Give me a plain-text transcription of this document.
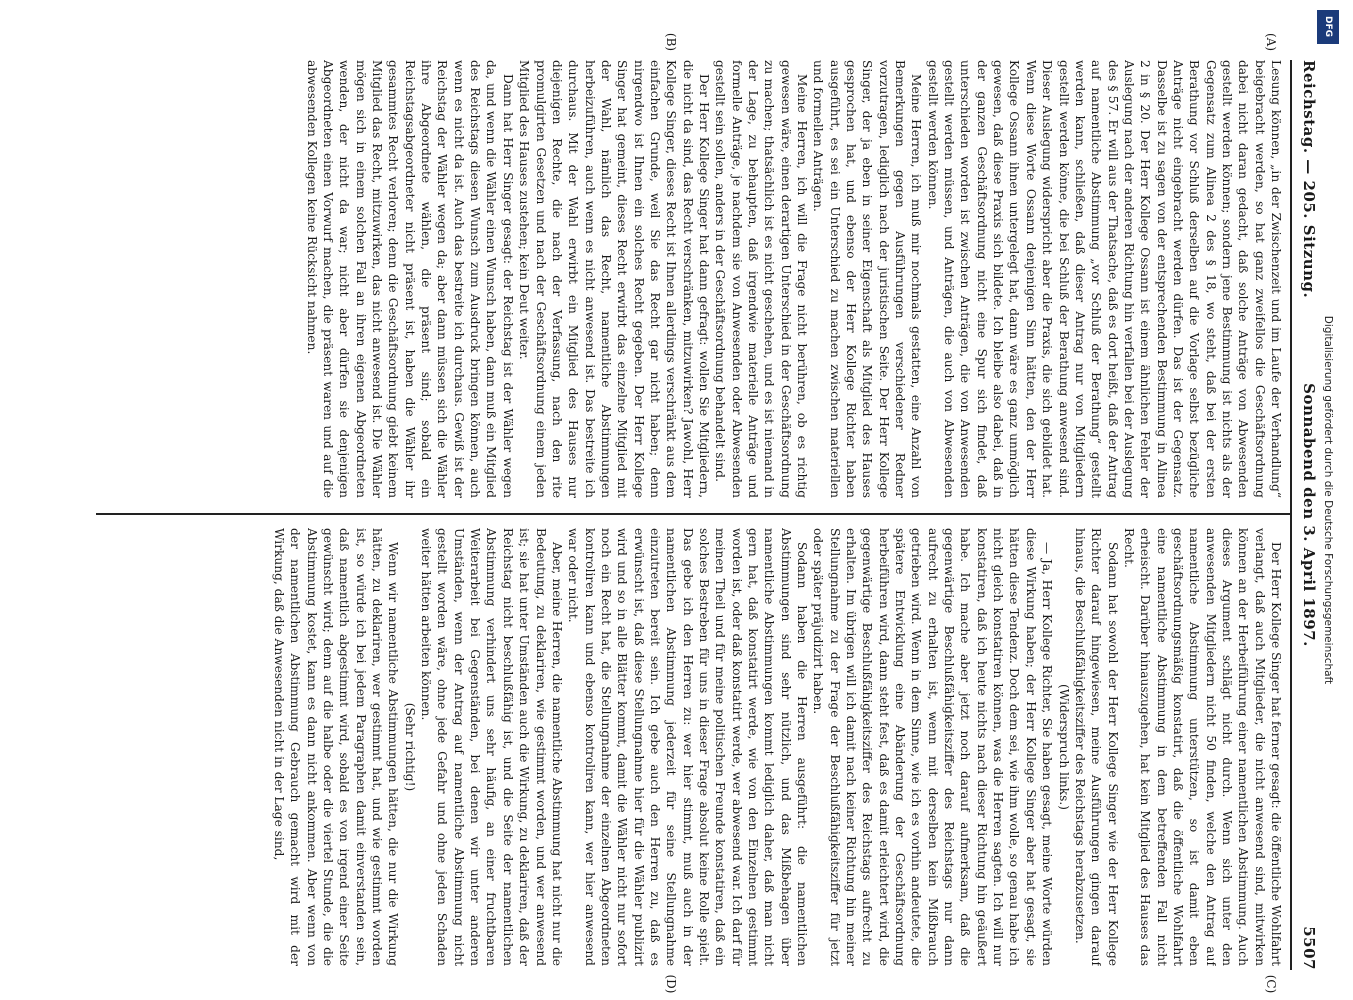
Reichstag. — 205. Sitzung.
Sonnabend den 3. April 1897.
5507
(A)
(B)
(C)
(D)

Lesung können, „in der Zwischenzeit und im Laufe der Verhandlung“ beigebracht werden, so hat ganz zweifellos die Geschäftsordnung dabei nicht daran gedacht, daß solche Anträge von Abwesenden gestellt werden können; sondern jene Bestimmung ist nichts als der Gegensatz zum Alinea 2 des § 18, wo steht, daß bei der ersten Berathung vor Schluß derselben auf die Vorlage selbst bezügliche Anträge nicht eingebracht werden dürfen. Das ist der Gegensatz. Dasselbe ist zu sagen von der entsprechenden Bestimmung in Alinea 2 in § 20. Der Herr Kollege Ossann ist einem ähnlichen Fehler der Auslegung nach der anderen Richtung hin verfallen bei der Auslegung des § 57. Er will aus der Thatsache, daß es dort heißt, daß der Antrag auf namentliche Abstimmung „vor Schluß der Berathung“ gestellt werden kann, schließen, daß dieser Antrag nur von Mitgliedern gestellt werden könne, die bei Schluß der Berathung anwesend sind. Dieser Auslegung widerspricht aber die Praxis, die sich gebildet hat. Wenn diese Worte Ossann denjenigen Sinn hätten, den der Herr Kollege Ossann ihnen untergelegt hat, dann wäre es ganz unmöglich gewesen, daß diese Praxis sich bildete. Ich bleibe also dabei, daß in der ganzen Geschäftsordnung nicht eine Spur sich findet, daß unterschieden worden ist zwischen Anträgen, die von Anwesenden gestellt werden müssen, und Anträgen, die auch von Abwesenden gestellt werden können.

Meine Herren, ich muß mir nochmals gestatten, eine Anzahl von Bemerkungen gegen Ausführungen verschiedener Redner vorzutragen, lediglich nach der juristischen Seite. Der Herr Kollege Singer, der ja eben in seiner Eigenschaft als Mitglied des Hauses gesprochen hat, und ebenso der Herr Kollege Richter haben ausgeführt, es sei ein Unterschied zu machen zwischen materiellen und formellen Anträgen.

Meine Herren, ich will die Frage nicht berühren, ob es richtig gewesen wäre, einen derartigen Unterschied in der Geschäftsordnung zu machen; thatsächlich ist es nicht geschehen, und es ist niemand in der Lage, zu behaupten, daß irgendwie materielle Anträge und formelle Anträge, je nachdem sie von Anwesenden oder Abwesenden gestellt sein sollen, anders in der Geschäftsordnung behandelt sind.

Der Herr Kollege Singer hat dann gefragt: wollen Sie Mitgliedern, die nicht da sind, das Recht verschränken, mitzuwirken? Jawohl, Herr Kollege Singer, dieses Recht ist Ihnen allerdings verschränkt aus dem einfachen Grunde, weil Sie das Recht gar nicht haben; denn nirgendwo ist Ihnen ein solches Recht gegeben. Der Herr Kollege Singer hat gemeint, dieses Recht erwirbt das einzelne Mitglied mit der Wahl, nämlich das Recht, namentliche Abstimmungen herbeizuführen, auch wenn es nicht anwesend ist. Das bestreite ich durchaus. Mit der Wahl erwirbt ein Mitglied des Hauses nur diejenigen Rechte, die nach der Verfassung, nach den rite promulgirten Gesetzen und nach der Geschäftsordnung einem jeden Mitglied des Hauses zustehen; kein Deut weiter.

Dann hat Herr Singer gesagt: der Reichstag ist der Wähler wegen da, und wenn die Wähler einen Wunsch haben, dann muß ein Mitglied des Reichstags diesen Wunsch zum Ausdruck bringen können, auch wenn es nicht da ist. Auch das bestreite ich durchaus. Gewiß ist der Reichstag der Wähler wegen da; aber dann müssen sich die Wähler ihre Abgeordnete wählen, die präsent sind; sobald ein Reichstagsabgeordneter nicht präsent ist, haben die Wähler ihr gesammtes Recht verloren; denn die Geschäftsordnung giebt keinem Mitglied das Recht, mitzuwirken, das nicht anwesend ist. Die Wähler mögen sich in einem solchen Fall an ihren eigenen Abgeordneten wenden, der nicht da war; nicht aber dürfen sie denjenigen Abgeordneten einen Vorwurf machen, die präsent waren und auf die abwesenden Kollegen keine Rücksicht nahmen.

Der Herr Kollege Singer hat ferner gesagt: die öffentliche Wohlfahrt verlangt, daß auch Mitglieder, die nicht anwesend sind, mitwirken können an der Herbeiführung einer namentlichen Abstimmung. Auch dieses Argument schlägt nicht durch. Wenn sich unter den anwesenden Mitgliedern nicht 50 finden, welche den Antrag auf namentliche Abstimmung unterstützen, so ist damit eben geschäftsordnungsmäßig konstatirt, daß die öffentliche Wohlfahrt eine namentliche Abstimmung in dem betreffenden Fall nicht erheischt. Darüber hinauszugehen, hat kein Mitglied des Hauses das Recht.

Sodann hat sowohl der Herr Kollege Singer wie der Herr Kollege Richter darauf hingewiesen, meine Ausführungen gingen darauf hinaus, die Beschlußfähigkeitsziffer des Reichstags herabzusetzen.

(Widerspruch links.)

— Ja, Herr Kollege Richter, Sie haben gesagt, meine Worte würden diese Wirkung haben; der Herr Kollege Singer aber hat gesagt, sie hätten diese Tendenz. Doch dem sei, wie ihm wolle, so genau habe ich nicht gleich konstatiren können, was die Herren sagten. Ich will nur konstatiren, daß ich heute nichts nach dieser Richtung hin geäußert habe. Ich mache aber jetzt noch darauf aufmerksam, daß die gegenwärtige Beschlußfähigkeitsziffer des Reichstags nur dann aufrecht zu erhalten ist, wenn mit derselben kein Mißbrauch getrieben wird. Wenn in dem Sinne, wie ich es vorhin andeutete, die spätere Entwicklung eine Abänderung der Geschäftsordnung herbeiführen wird, dann steht fest, daß es damit erleichtert wird, die gegenwärtige Beschlußfähigkeitsziffer des Reichstags aufrecht zu erhalten. Im übrigen will ich damit nach keiner Richtung hin meiner Stellungnahme zu der Frage der Beschlußfähigkeitsziffer für jetzt oder später präjudizirt haben.

Sodann haben die Herren ausgeführt: die namentlichen Abstimmungen sind sehr nützlich, und das Mißbehagen über namentliche Abstimmungen kommt lediglich daher, daß man nicht gern hat, daß konstatirt werde, wie von den Einzelnen gestimmt worden ist, oder daß konstatirt werde, wer abwesend war. Ich darf für meinen Theil und für meine politischen Freunde konstatiren, daß ein solches Bestreben für uns in dieser Frage absolut keine Rolle spielt. Das gebe ich den Herren zu: wer hier stimmt, muß auch in der namentlichen Abstimmung jederzeit für seine Stellungnahme einzutreten bereit sein. Ich gebe auch den Herren zu, daß es erwünscht ist, daß diese Stellungnahme hier für die Wähler publizirt wird und so in alle Blätter kommt, damit die Wähler nicht nur sofort noch ein Recht hat, die Stellungnahme der einzelnen Abgeordneten kontroliren kann und ebenso kontroliren kann, wer hier anwesend war oder nicht.

Aber, meine Herren, die namentliche Abstimmung hat nicht nur die Bedeutung, zu deklariren, wie gestimmt worden, und wer anwesend ist; sie hat unter Umständen auch die Wirkung, zu deklariren, daß der Reichstag nicht beschlußfähig ist, und die Seite der namentlichen Abstimmung verhindert uns sehr häufig, an einer fruchtbaren Weiterarbeit bei Gegenständen, bei denen wir unter anderen Umständen, wenn der Antrag auf namentliche Abstimmung nicht gestellt worden wäre, ohne jede Gefahr und ohne jeden Schaden weiter hätten arbeiten können.

(Sehr richtig!)

Wenn wir namentliche Abstimmungen hätten, die nur die Wirkung hätten, zu deklariren, wer gestimmt hat, und wie gestimmt worden ist, so würde ich bei jedem Paragraphen damit einverstanden sein, daß namentlich abgestimmt wird, sobald es von irgend einer Seite gewünscht wird; denn auf die halbe oder die viertel Stunde, die die Abstimmung kostet, kann es dann nicht ankommen. Aber wenn von der namentlichen Abstimmung Gebrauch gemacht wird mit der Wirkung, daß die Anwesenden nicht in der Lage sind,

DFG
Digitalisierung gefördert durch die Deutsche Forschungsgemeinschaft
